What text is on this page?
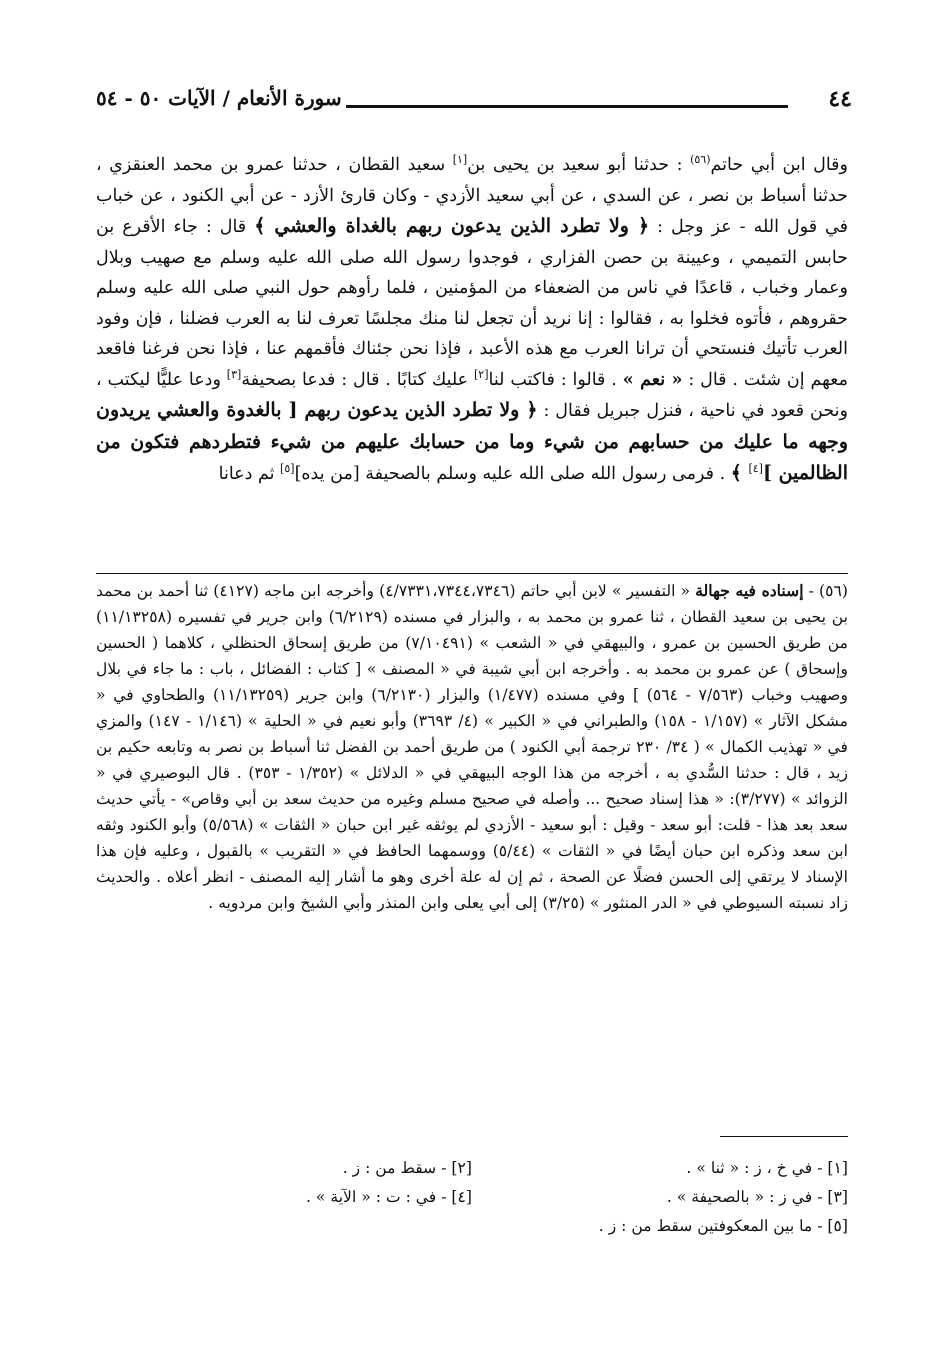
٤٤
سورة الأنعام / الآيات ٥٠ - ٥٤

وقال ابن أبي حاتم$^{(٥٦)}$ : حدثنا أبو سعيد بن يحيى بن[١] سعيد القطان ، حدثنا عمرو بن محمد العنقزي ، حدثنا أسباط بن نصر ، عن السدي ، عن أبي سعيد الأزدي - وكان قارئ الأزد - عن أبي الكنود ، عن خباب في قول الله - عز وجل : ﴿ ولا تطرد الذين يدعون ربهم بالغداة والعشي ﴾ قال : جاء الأقرع بن حابس التميمي ، وعيينة بن حصن الفزاري ، فوجدوا رسول الله صلى الله عليه وسلم مع صهيب وبلال وعمار وخباب ، قاعدًا في ناس من الضعفاء من المؤمنين ، فلما رأوهم حول النبي صلى الله عليه وسلم حقروهم ، فأتوه فخلوا به ، فقالوا : إنا نريد أن تجعل لنا منك مجلسًا تعرف لنا به العرب فضلنا ، فإن وفود العرب تأتيك فنستحي أن ترانا العرب مع هذه الأعبد ، فإذا نحن جئناك فأقمهم عنا ، فإذا نحن فرغنا فاقعد معهم إن شئت . قال : « نعم » . قالوا : فاكتب لنا[٢] عليك كتابًا . قال : فدعا بصحيفة[٣] ودعا عليًّا ليكتب ، ونحن قعود في ناحية ، فنزل جبريل فقال : ﴿ ولا تطرد الذين يدعون ربهم [ بالغدوة والعشي يريدون وجهه ما عليك من حسابهم من شيء وما من حسابك عليهم من شيء فتطردهم فتكون من الظالمين ][٤] ﴾ . فرمى رسول الله صلى الله عليه وسلم بالصحيفة [من يده][٥] ثم دعانا

(٥٦) - إسناده فيه جهالة « التفسير » لابن أبي حاتم (٤/٧٣٣١،٧٣٤٤،٧٣٤٦) وأخرجه ابن ماجه (٤١٢٧) ثنا أحمد بن محمد بن يحيى بن سعيد القطان ، ثنا عمرو بن محمد به ، والبزار في مسنده (٦/٢١٢٩) وابن جرير في تفسيره (١١/١٣٢٥٨) من طريق الحسين بن عمرو ، والبيهقي في « الشعب » (٧/١٠٤٩١) من طريق إسحاق الحنظلي ، كلاهما ( الحسين وإسحاق ) عن عمرو بن محمد به . وأخرجه ابن أبي شيبة في « المصنف » [ كتاب : الفضائل ، باب : ما جاء في بلال وصهيب وخباب (٧/٥٦٣ - ٥٦٤) ] وفي مسنده (١/٤٧٧) والبزار (٦/٢١٣٠) وابن جرير (١١/١٣٢٥٩) والطحاوي في « مشكل الآثار » (١/١٥٧ - ١٥٨) والطبراني في « الكبير » (٤/ ٣٦٩٣) وأبو نعيم في « الحلية » (١/١٤٦ - ١٤٧) والمزي في « تهذيب الكمال » ( ٣٤/ ٢٣٠ ترجمة أبي الكنود ) من طريق أحمد بن الفضل ثنا أسباط بن نصر به وتابعه حكيم بن زيد ، قال : حدثنا السُّدي به ، أخرجه من هذا الوجه البيهقي في « الدلائل » (١/٣٥٢ - ٣٥٣) . قال البوصيري في « الزوائد » (٣/٢٧٧): « هذا إسناد صحيح ... وأصله في صحيح مسلم وغيره من حديث سعد بن أبي وقاص» - يأتي حديث سعد بعد هذا - قلت: أبو سعد - وقيل : أبو سعيد - الأزدي لم يوثقه غير ابن حبان « الثقات » (٥/٥٦٨) وأبو الكنود وثقه ابن سعد وذكره ابن حبان أيضًا في « الثقات » (٥/٤٤) ووسمهما الحافظ في « التقريب » بالقبول ، وعليه فإن هذا الإسناد لا يرتقي إلى الحسن فضلًا عن الصحة ، ثم إن له علة أخرى وهو ما أشار إليه المصنف - انظر أعلاه . والحديث زاد نسبته السيوطي في « الدر المنثور » (٣/٢٥) إلى أبي يعلى وابن المنذر وأبي الشيخ وابن مردويه .

[١] - في خ ، ز : « ثنا » .
[٢] - سقط من : ز .
[٣] - في ز : « بالصحيفة » .
[٤] - في : ت : « الآية » .
[٥] - ما بين المعكوفتين سقط من : ز .
